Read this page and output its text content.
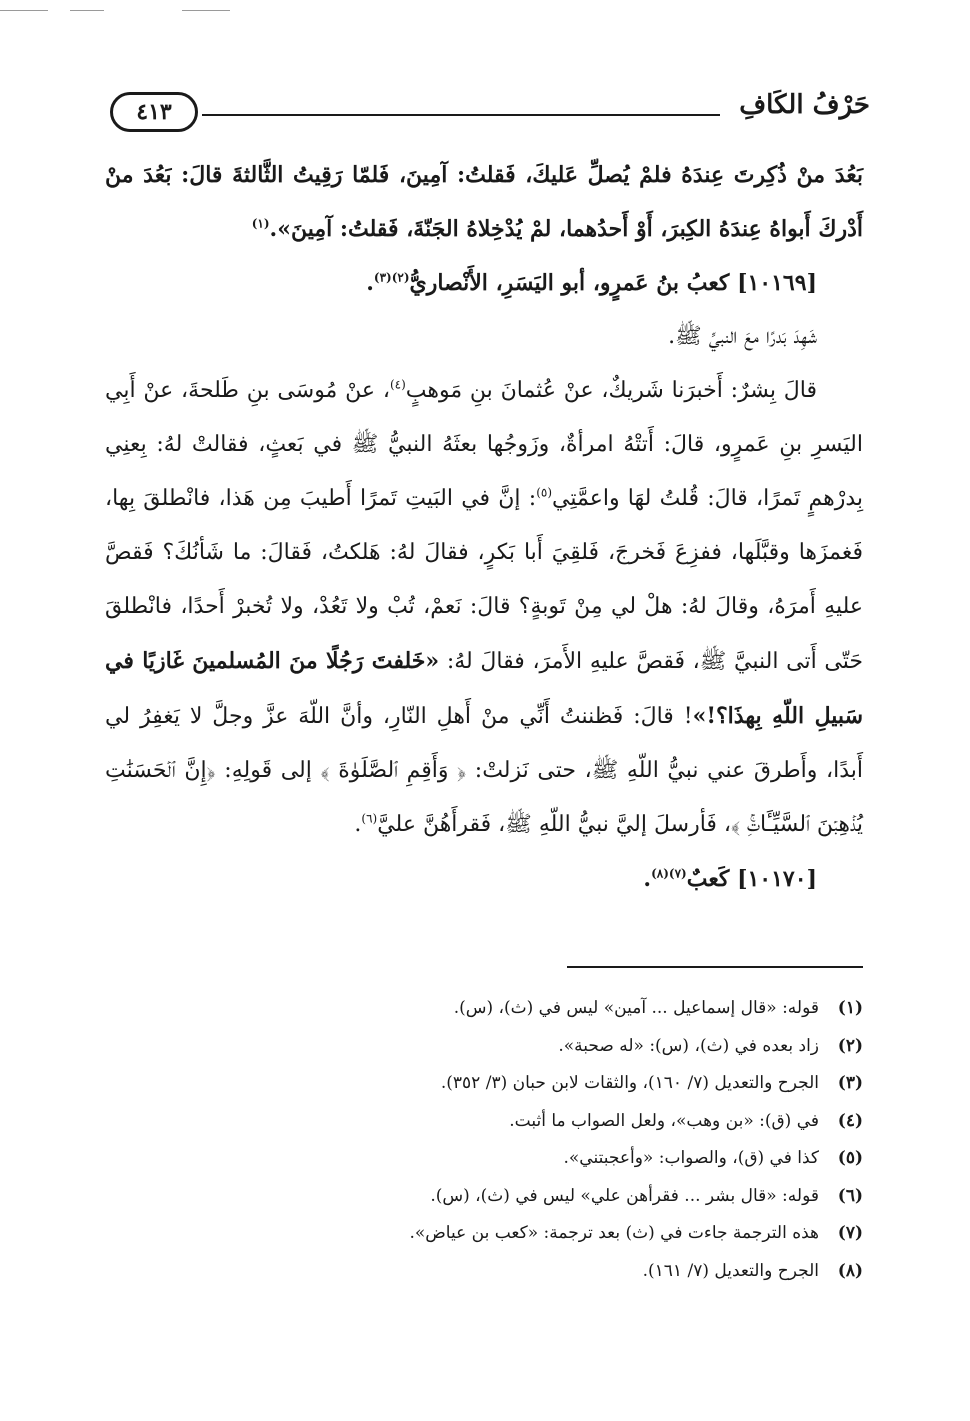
حَرْفُ الكَافِ
٤١٣

بَعُدَ منْ ذُكِرتَ عِندَهُ فلمْ يُصلِّ عَليكَ، فَقلتُ: آمِينَ، فَلمّا رَقِيتُ الثَّالثةَ قالَ: بَعُدَ منْ أَدْركَ أَبواهُ عِندَهُ الكِبرَ، أَوْ أَحدُهما، لمْ يُدْخِلاهُ الجَنّةَ، فَقلتُ: آمِينَ».$^{(١)}$

[١٠١٦٩] كعبُ بنُ عَمرٍو، أبو اليَسَرِ، الأَنْصاريُّ$^{(٢)(٣)}$.

شَهِدَ بَدرًا معَ النبيِّ ﷺ.

قالَ بِشرٌ: أَخبرَنا شَريكٌ، عنْ عُثمانَ بنِ مَوهبٍ$^{(٤)}$، عنْ مُوسَى بنِ طَلحةَ، عنْ أَبِي اليَسرِ بنِ عَمرٍو، قالَ: أَتتْهُ امرأةٌ، وزَوجُها بعثَهُ النبيُّ ﷺ في بَعثٍ، فقالتْ لهُ: بِعنِي بِدرْهمٍ تَمرًا، قالَ: قُلتُ لهَا واعمَّتِي$^{(٥)}$: إنَّ في البَيتِ تَمرًا أَطيبَ مِن هَذا، فانْطلقَ بِها، فَغمزَها وقبَّلَها، ففزِعَ فَخرجَ، فَلقِيَ أَبا بَكرٍ، فقالَ لهُ: هَلكتُ، فَقالَ: ما شَأنُكَ؟ فَقصَّ عليهِ أَمرَهُ، وقالَ لهُ: هلْ لي مِنْ تَوبةٍ؟ قالَ: نَعمْ، تُبْ ولا تَعُدْ، ولا تُخبرْ أَحدًا، فانْطلقَ حَتّى أَتى النبيَّ ﷺ، فَقصَّ عليهِ الأَمرَ، فقالَ لهُ: «خَلفتَ رَجُلًا منَ المُسلمينَ غَازيًا في سَبيلِ اللّهِ بِهذَا؟!»! قالَ: فَظننتُ أَنِّي منْ أَهلِ النّارِ، وأنَّ اللّهَ عزَّ وجلَّ لا يَغفِرُ لي أَبدًا، وأَطرقَ عني نبيُّ اللّهِ ﷺ، حتى نَزلتْ: ﴿ وَأَقِمِ ٱلصَّلَوٰةَ ﴾ إلى قَولِهِ: ﴿إِنَّ ٱلۡحَسَنَٰتِ يُذۡهِبۡنَ ٱلسَّيِّـَٔاتِۚ ﴾، فَأرسلَ إليَّ نبيُّ اللّهِ ﷺ، فَقرأَهُنَّ عليَّ$^{(٦)}$.

[١٠١٧٠] كَعبٌ$^{(٧)(٨)}$.

(١)قوله: «قال إسماعيل ... آمين» ليس في (ث)، (س).
(٢)زاد بعده في (ث)، (س): «له صحبة».
(٣)الجرح والتعديل (٧/ ١٦٠)، والثقات لابن حبان (٣/ ٣٥٢).
(٤)في (ق): «بن وهب»، ولعل الصواب ما أثبت.
(٥)كذا في (ق)، والصواب: «وأعجبتني».
(٦)قوله: «قال بشر ... فقرأهن علي» ليس في (ث)، (س).
(٧)هذه الترجمة جاءت في (ث) بعد ترجمة: «كعب بن عياض».
(٨)الجرح والتعديل (٧/ ١٦١).
